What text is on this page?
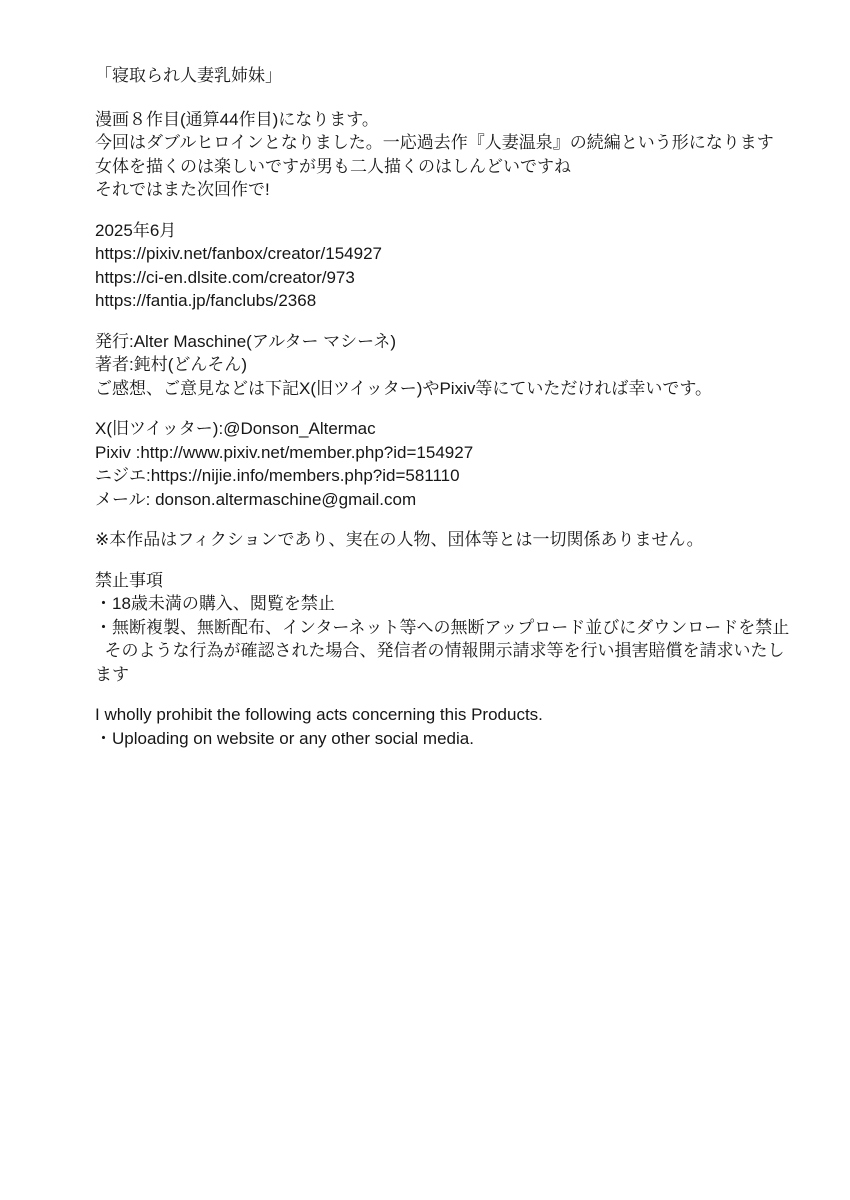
「寝取られ人妻乳姉妹」
漫画８作目(通算44作目)になります。
今回はダブルヒロインとなりました。一応過去作『人妻温泉』の続編という形になります
女体を描くのは楽しいですが男も二人描くのはしんどいですね
それではまた次回作で!
2025年6月
https://pixiv.net/fanbox/creator/154927
https://ci-en.dlsite.com/creator/973
https://fantia.jp/fanclubs/2368
発行:Alter Maschine(アルター マシーネ)
著者:鈍村(どんそん)
ご感想、ご意見などは下記X(旧ツイッター)やPixiv等にていただければ幸いです。
X(旧ツイッター):@Donson_Altermac
Pixiv :http://www.pixiv.net/member.php?id=154927
ニジエ:https://nijie.info/members.php?id=581110
メール: donson.altermaschine@gmail.com
※本作品はフィクションであり、実在の人物、団体等とは一切関係ありません。
禁止事項
・18歳未満の購入、閲覧を禁止
・無断複製、無断配布、インターネット等への無断アップロード並びにダウンロードを禁止
そのような行為が確認された場合、発信者の情報開示請求等を行い損害賠償を請求いたします
I wholly prohibit the following acts concerning this Products.
・Uploading on website or any other social media.
